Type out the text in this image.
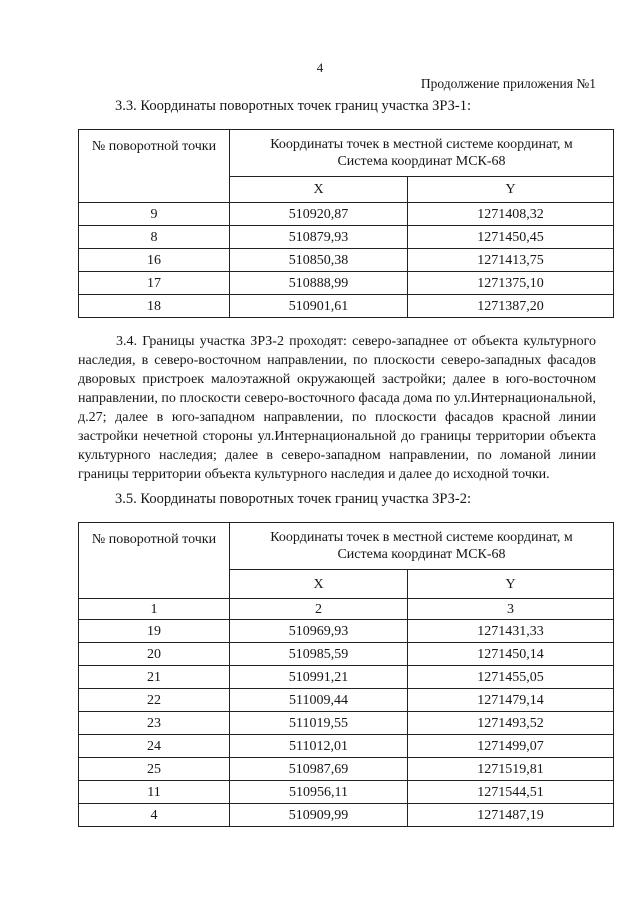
4
Продолжение приложения №1
3.3. Координаты поворотных точек границ участка ЗРЗ-1:
№ поворотной точки	Координаты точек в местной системе координат, м
Система координат МСК-68	

	X	Y
9	510920,87	1271408,32
8	510879,93	1271450,45
16	510850,38	1271413,75
17	510888,99	1271375,10
18	510901,61	1271387,20
3.4. Границы участка ЗРЗ-2 проходят: северо-западнее от объекта культурного наследия, в северо-восточном направлении, по плоскости северо-западных фасадов дворовых пристроек малоэтажной окружающей застройки; далее в юго-восточном направлении, по плоскости северо-восточного фасада дома по ул.Интернациональной, д.27; далее в юго-западном направлении, по плоскости фасадов красной линии застройки нечетной стороны ул.Интернациональной до границы территории объекта культурного наследия; далее в северо-западном направлении, по ломаной линии границы территории объекта культурного наследия и далее до исходной точки.
3.5. Координаты поворотных точек границ участка ЗРЗ-2:
№ поворотной точки	Координаты точек в местной системе координат, м
Система координат МСК-68	

	X	Y
1	2	3
19	510969,93	1271431,33
20	510985,59	1271450,14
21	510991,21	1271455,05
22	511009,44	1271479,14
23	511019,55	1271493,52
24	511012,01	1271499,07
25	510987,69	1271519,81
11	510956,11	1271544,51
4	510909,99	1271487,19
